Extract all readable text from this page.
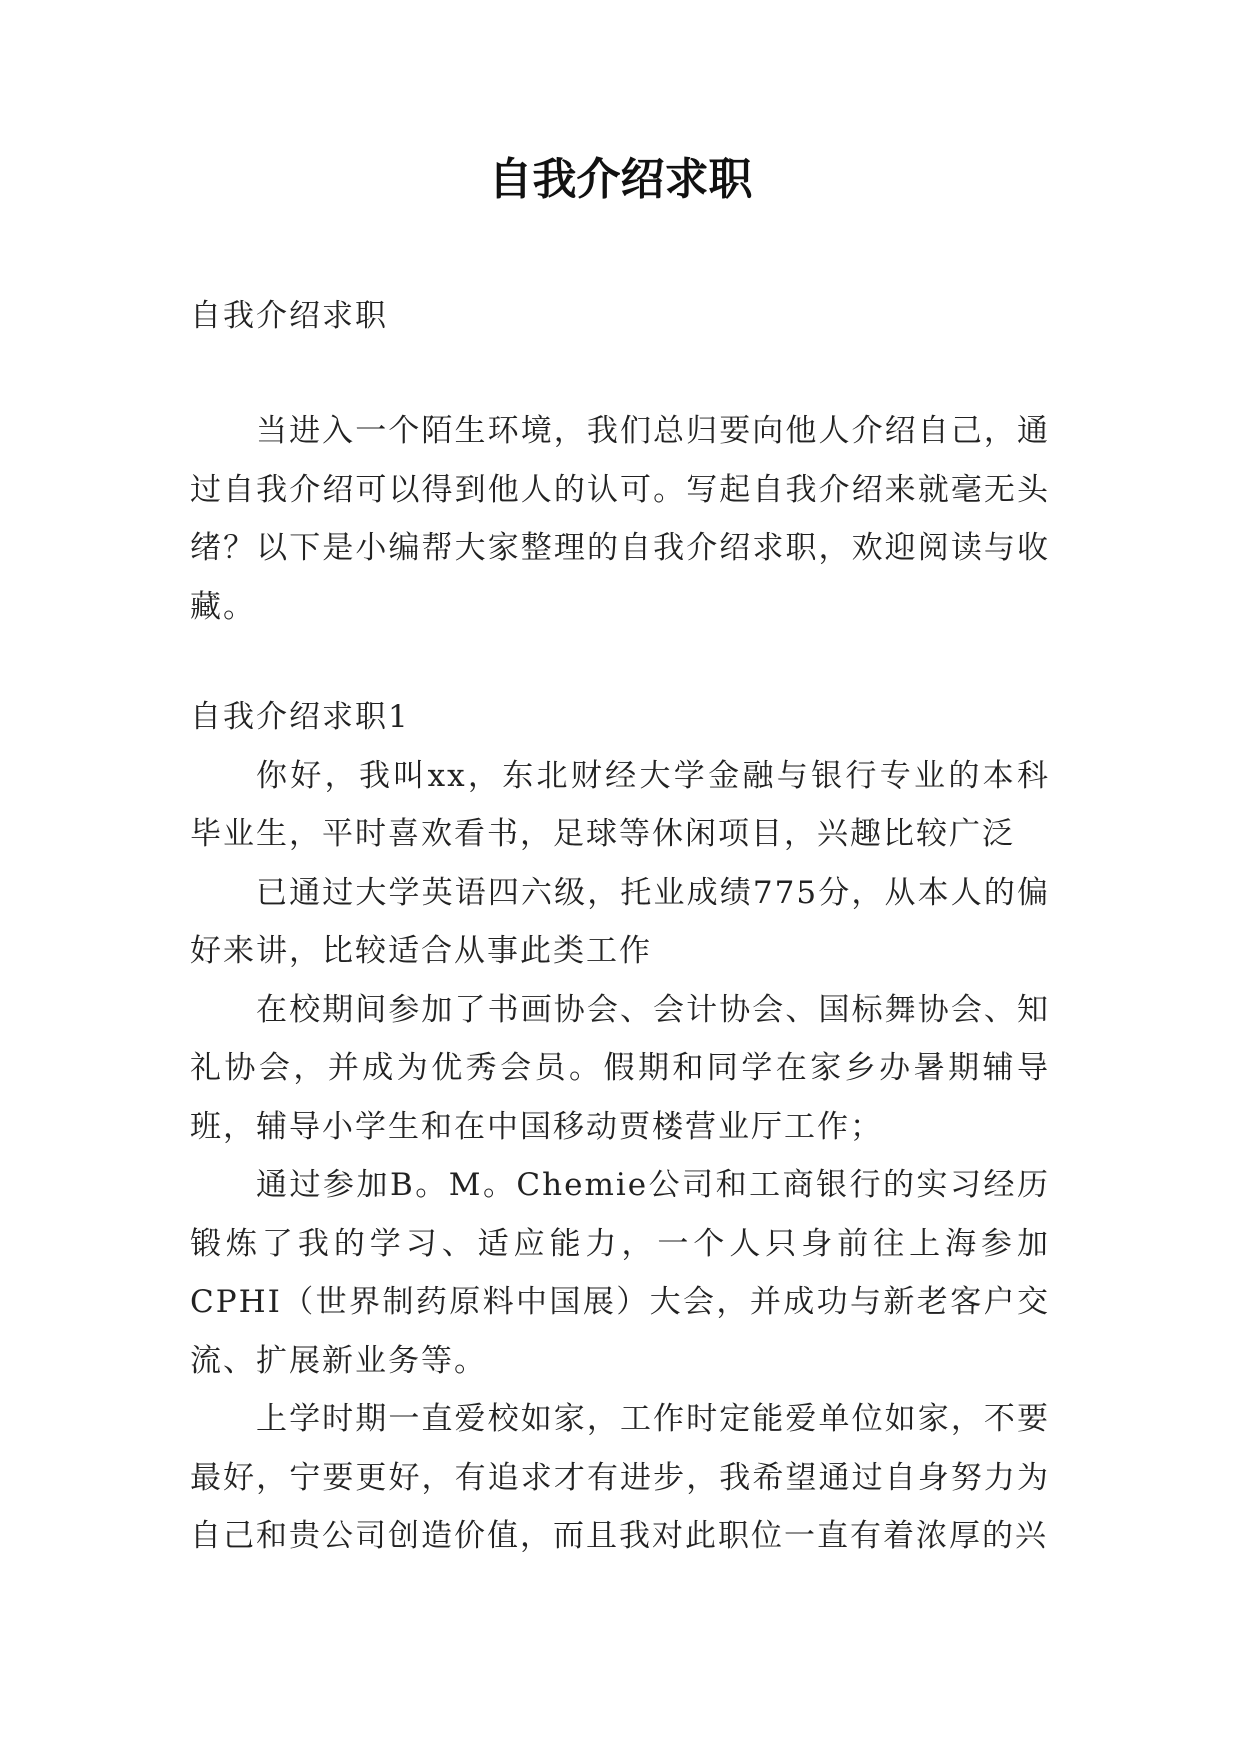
自我介绍求职

自我介绍求职

当进入一个陌生环境，我们总归要向他人介绍自己，通过自我介绍可以得到他人的认可。写起自我介绍来就毫无头绪？以下是小编帮大家整理的自我介绍求职，欢迎阅读与收藏。

自我介绍求职1

你好，我叫xx，东北财经大学金融与银行专业的本科毕业生，平时喜欢看书，足球等休闲项目，兴趣比较广泛

已通过大学英语四六级，托业成绩775分，从本人的偏好来讲，比较适合从事此类工作

在校期间参加了书画协会、会计协会、国标舞协会、知礼协会，并成为优秀会员。假期和同学在家乡办暑期辅导班，辅导小学生和在中国移动贾楼营业厅工作；

通过参加B。M。Chemie公司和工商银行的实习经历锻炼了我的学习、适应能力，一个人只身前往上海参加CPHI（世界制药原料中国展）大会，并成功与新老客户交流、扩展新业务等。

上学时期一直爱校如家，工作时定能爱单位如家，不要最好，宁要更好，有追求才有进步，我希望通过自身努力为自己和贵公司创造价值，而且我对此职位一直有着浓厚的兴
